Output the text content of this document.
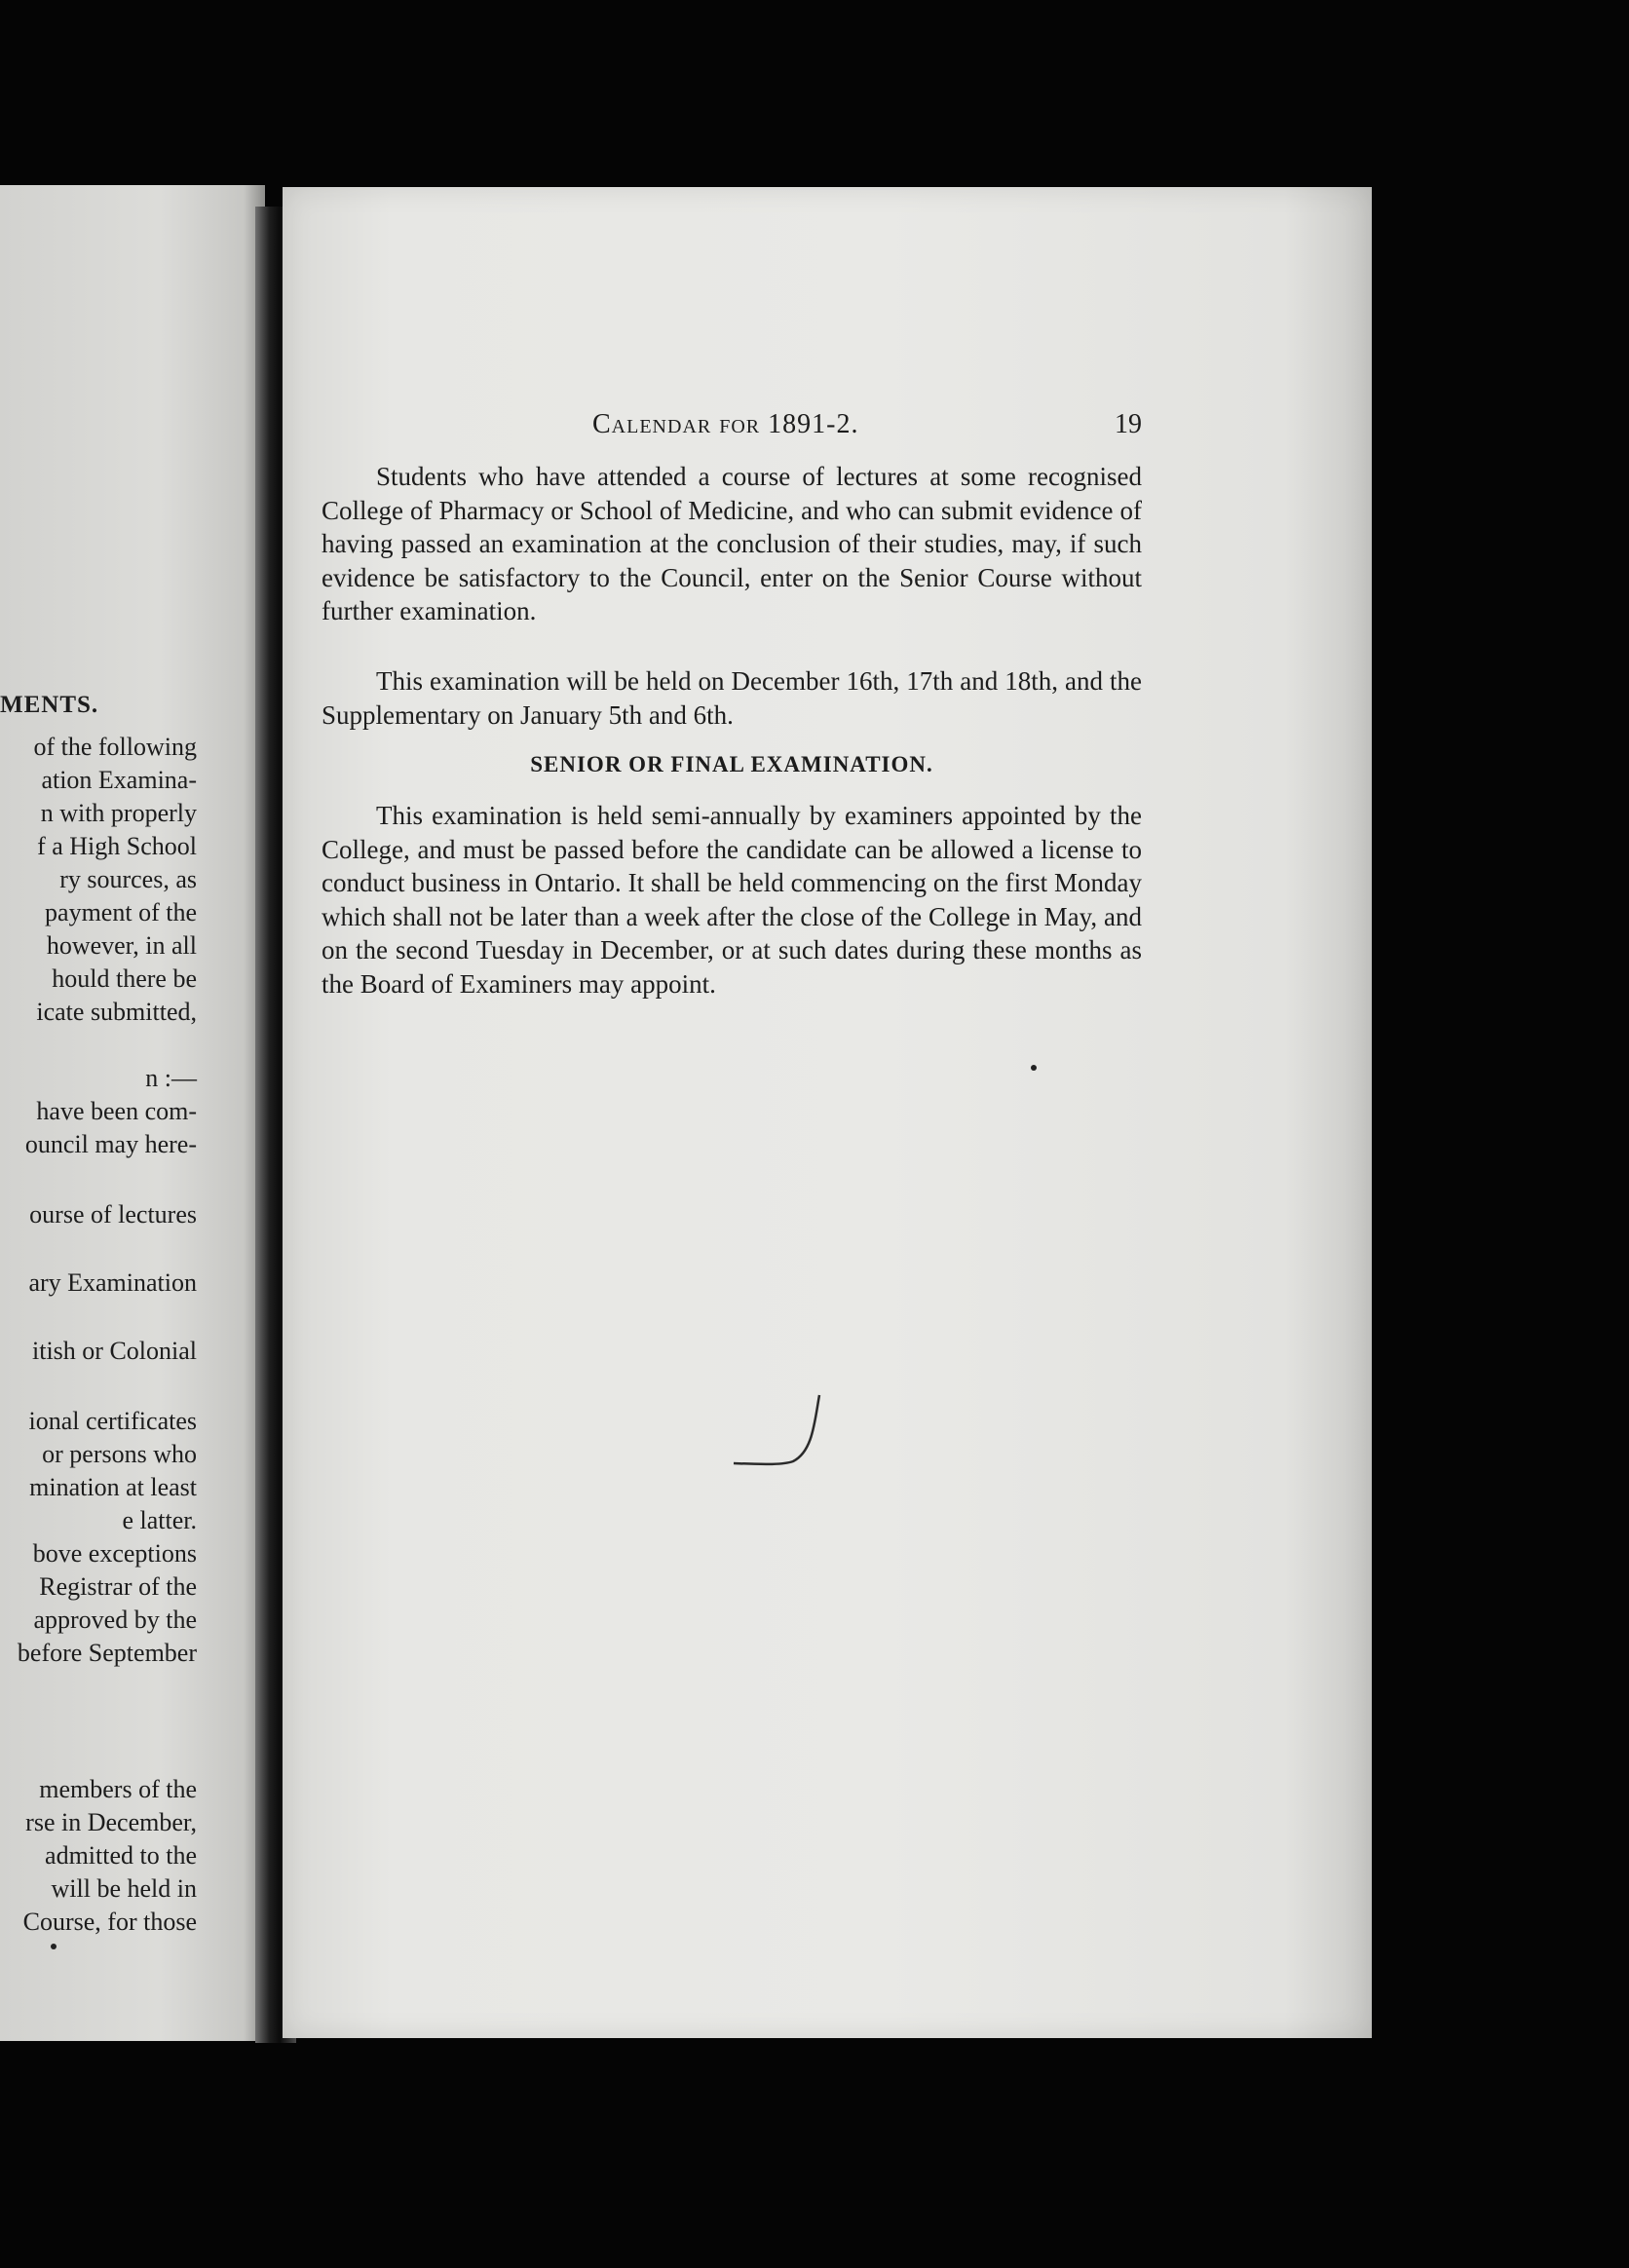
MENTS.
of the following
ation Examina-
n with properly
f a High School
ry sources, as
payment of the
however, in all
hould there be
icate submitted,
n :—
have been com-
ouncil may here-
ourse of lectures
ary Examination
itish or Colonial
ional certificates
or persons who
mination at least
e latter.
bove exceptions
Registrar of the
approved by the
before September
members of the
rse in December,
admitted to the
will be held in
Course, for those
Calendar for 1891-2.	19

Students who have attended a course of lectures at some recognised College of Pharmacy or School of Medicine, and who can submit evidence of having passed an examination at the conclusion of their studies, may, if such evidence be satisfactory to the Council, enter on the Senior Course without further examination.

This examination will be held on December 16th, 17th and 18th, and the Supplementary on January 5th and 6th.

SENIOR OR FINAL EXAMINATION.

This examination is held semi-annually by examiners appointed by the College, and must be passed before the candidate can be allowed a license to conduct business in Ontario. It shall be held commencing on the first Monday which shall not be later than a week after the close of the College in May, and on the second Tuesday in December, or at such dates during these months as the Board of Examiners may appoint.
